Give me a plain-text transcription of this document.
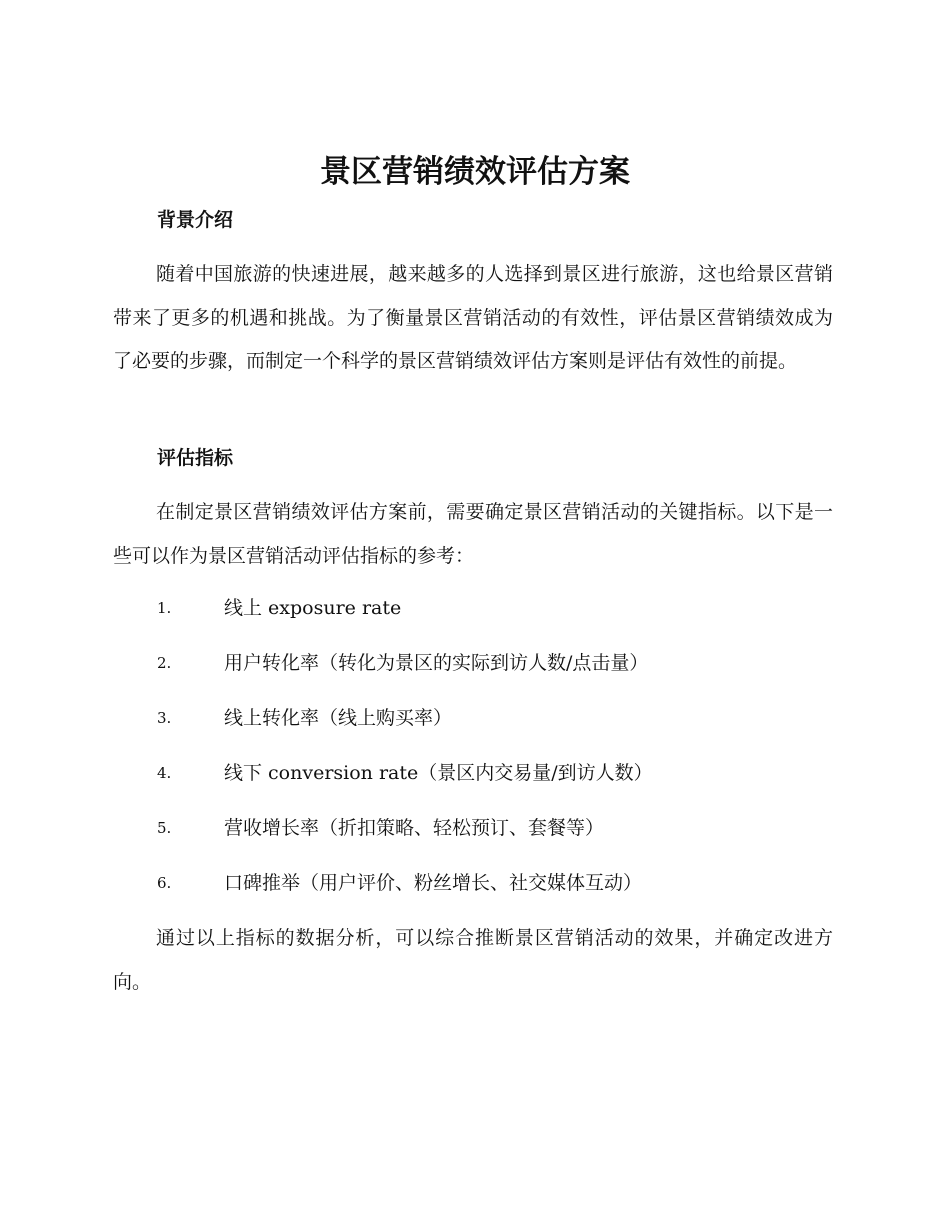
景区营销绩效评估方案
背景介绍
随着中国旅游的快速进展，越来越多的人选择到景区进行旅游，这也给景区营销带来了更多的机遇和挑战。为了衡量景区营销活动的有效性，评估景区营销绩效成为了必要的步骤，而制定一个科学的景区营销绩效评估方案则是评估有效性的前提。
评估指标
在制定景区营销绩效评估方案前，需要确定景区营销活动的关键指标。以下是一些可以作为景区营销活动评估指标的参考：
1.	线上 exposure rate
2.	用户转化率（转化为景区的实际到访人数/点击量）
3.	线上转化率（线上购买率）
4.	线下 conversion rate（景区内交易量/到访人数）
5.	营收增长率（折扣策略、轻松预订、套餐等）
6.	口碑推举（用户评价、粉丝增长、社交媒体互动）
通过以上指标的数据分析，可以综合推断景区营销活动的效果，并确定改进方向。
